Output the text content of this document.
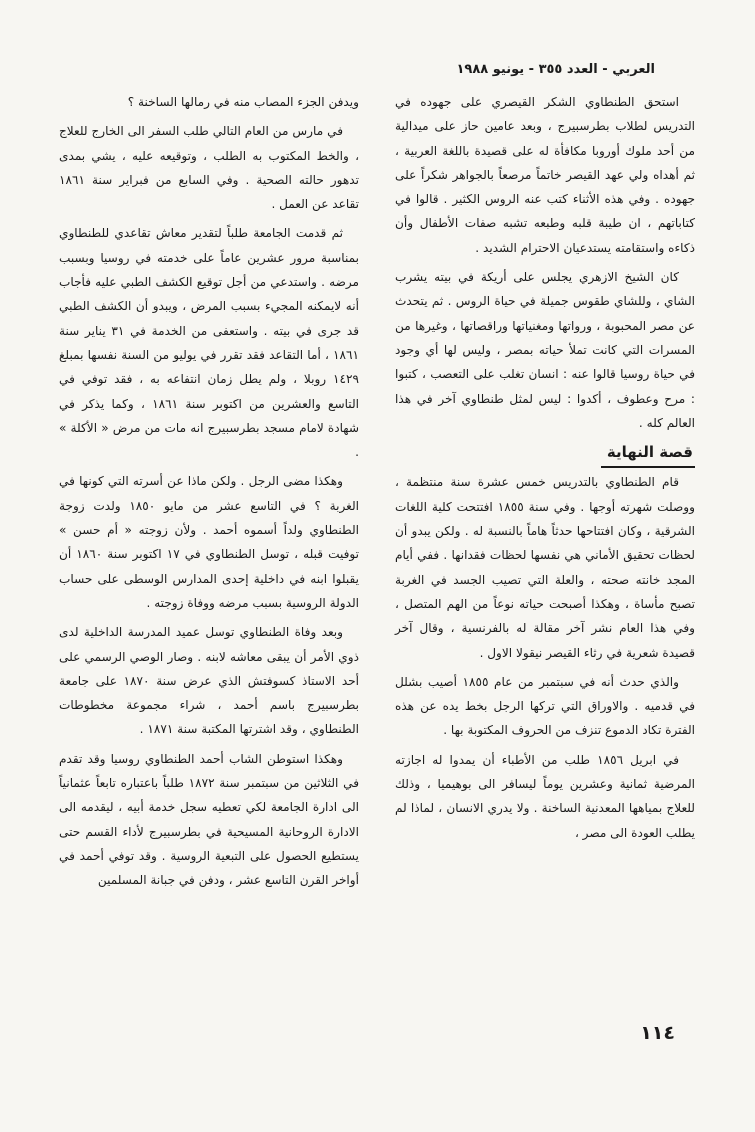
العربي - العدد ٣٥٥ - يونيو ١٩٨٨

استحق الطنطاوي الشكر القيصري على جهوده في التدريس لطلاب بطرسبيرج ، وبعد عامين حاز على ميدالية من أحد ملوك أوروبا مكافأة له على قصيدة باللغة العربية ، ثم أهداه ولي عهد القيصر خاتماً مرصعاً بالجواهر شكراً على جهوده . وفي هذه الأثناء كتب عنه الروس الكثير . قالوا في كتاباتهم ، ان طيبة قلبه وطبعه تشبه صفات الأطفال وأن ذكاءه واستقامته يستدعيان الاحترام الشديد .

كان الشيخ الازهري يجلس على أريكة في بيته يشرب الشاي ، وللشاي طقوس جميلة في حياة الروس . ثم يتحدث عن مصر المحبوبة ، ورواتها ومغنياتها وراقصاتها ، وغيرها من المسرات التي كانت تملأ حياته بمصر ، وليس لها أي وجود في حياة روسيا قالوا عنه : انسان تغلب على التعصب ، كتبوا : مرح وعطوف ، أكدوا : ليس لمثل طنطاوي آخر في هذا العالم كله .

قصة النهاية

قام الطنطاوي بالتدريس خمس عشرة سنة منتظمة ، ووصلت شهرته أوجها . وفي سنة ١٨٥٥ افتتحت كلية اللغات الشرقية ، وكان افتتاحها حدثاً هاماً بالنسبة له . ولكن يبدو أن لحظات تحقيق الأماني هي نفسها لحظات فقدانها . ففي أيام المجد خانته صحته ، والعلة التي تصيب الجسد في الغربة تصبح مأساة ، وهكذا أصبحت حياته نوعاً من الهم المتصل ، وفي هذا العام نشر آخر مقالة له بالفرنسية ، وقال آخر قصيدة شعرية في رثاء القيصر نيقولا الاول .

والذي حدث أنه في سبتمبر من عام ١٨٥٥ أصيب بشلل في قدميه . والاوراق التي تركها الرجل بخط يده عن هذه الفترة تكاد الدموع تنزف من الحروف المكتوبة بها .

في ابريل ١٨٥٦ طلب من الأطباء أن يمدوا له اجازته المرضية ثمانية وعشرين يوماً ليسافر الى بوهيميا ، وذلك للعلاج بمياهها المعدنية الساخنة . ولا يدري الانسان ، لماذا لم يطلب العودة الى مصر ،

ويدفن الجزء المصاب منه في رمالها الساخنة ؟

في مارس من العام التالي طلب السفر الى الخارج للعلاج ، والخط المكتوب به الطلب ، وتوقيعه عليه ، يشي بمدى تدهور حالته الصحية . وفي السابع من فبراير سنة ١٨٦١ تقاعد عن العمل .

ثم قدمت الجامعة طلباً لتقدير معاش تقاعدي للطنطاوي بمناسبة مرور عشرين عاماً على خدمته في روسيا وبسبب مرضه . واستدعي من أجل توقيع الكشف الطبي عليه فأجاب أنه لايمكنه المجيء بسبب المرض ، ويبدو أن الكشف الطبي قد جرى في بيته . واستعفى من الخدمة في ٣١ يناير سنة ١٨٦١ ، أما التقاعد فقد تقرر في يوليو من السنة نفسها بمبلغ ١٤٢٩ روبلا ، ولم يطل زمان انتفاعه به ، فقد توفي في التاسع والعشرين من اكتوبر سنة ١٨٦١ ، وكما يذكر في شهادة لامام مسجد بطرسبيرج انه مات من مرض « الأكلة » .

وهكذا مضى الرجل . ولكن ماذا عن أسرته التي كونها في الغربة ؟ في التاسع عشر من مايو ١٨٥٠ ولدت زوجة الطنطاوي ولداً أسموه أحمد . ولأن زوجته « أم حسن » توفيت قبله ، توسل الطنطاوي في ١٧ اكتوبر سنة ١٨٦٠ أن يقبلوا ابنه في داخلية إحدى المدارس الوسطى على حساب الدولة الروسية بسبب مرضه ووفاة زوجته .

وبعد وفاة الطنطاوي توسل عميد المدرسة الداخلية لدى ذوي الأمر أن يبقى معاشه لابنه . وصار الوصي الرسمي على أحد الاستاذ كسوفتش الذي عرض سنة ١٨٧٠ على جامعة بطرسبيرج باسم أحمد ، شراء مجموعة مخطوطات الطنطاوي ، وقد اشترتها المكتبة سنة ١٨٧١ .

وهكذا استوطن الشاب أحمد الطنطاوي روسيا وقد تقدم في الثلاثين من سبتمبر سنة ١٨٧٢ طلباً باعتباره تابعاً عثمانياً الى ادارة الجامعة لكي تعطيه سجل خدمة أبيه ، ليقدمه الى الادارة الروحانية المسيحية في بطرسبيرج لأداء القسم حتى يستطيع الحصول على التبعية الروسية . وقد توفي أحمد في أواخر القرن التاسع عشر ، ودفن في جبانة المسلمين

١١٤
